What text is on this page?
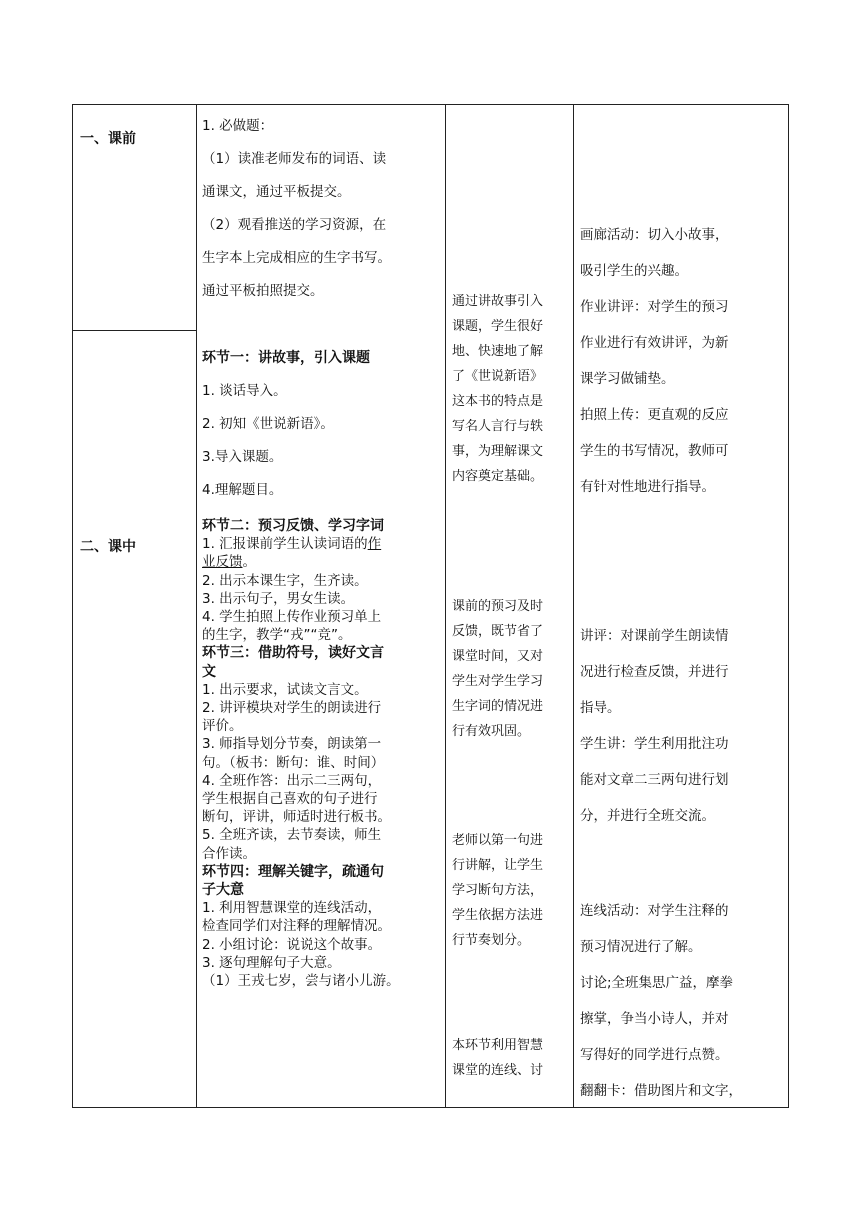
一、课前
二、课中

1. 必做题：

（1）读准老师发布的词语、读

通课文，通过平板提交。

（2）观看推送的学习资源，在

生字本上完成相应的生字书写。

通过平板拍照提交。

环节一：讲故事，引入课题

1. 谈话导入。

2. 初知《世说新语》。

3.导入课题。

4.理解题目。

环节二：预习反馈、学习字词

1. 汇报课前学生认读词语的作

业反馈。

2. 出示本课生字，生齐读。

3. 出示句子，男女生读。

4. 学生拍照上传作业预习单上

的生字，教学“戎”“竞”。

环节三：借助符号，读好文言

文

1. 出示要求，试读文言文。

2. 讲评模块对学生的朗读进行

评价。

3. 师指导划分节奏，朗读第一

句。（板书：断句：谁、时间）

4. 全班作答：出示二三两句，

学生根据自己喜欢的句子进行

断句，评讲，师适时进行板书。

5. 全班齐读，去节奏读，师生

合作读。

环节四：理解关键字，疏通句

子大意

1. 利用智慧课堂的连线活动，

检查同学们对注释的理解情况。

2. 小组讨论：说说这个故事。

3. 逐句理解句子大意。

（1）王戎七岁，尝与诸小儿游。

通过讲故事引入

课题，学生很好

地、快速地了解

了《世说新语》

这本书的特点是

写名人言行与轶

事，为理解课文

内容奠定基础。

课前的预习及时

反馈，既节省了

课堂时间，又对

学生对学生学习

生字词的情况进

行有效巩固。

老师以第一句进

行讲解，让学生

学习断句方法，

学生依据方法进

行节奏划分。

本环节利用智慧

课堂的连线、讨

画廊活动：切入小故事，

吸引学生的兴趣。

作业讲评：对学生的预习

作业进行有效讲评，为新

课学习做铺垫。

拍照上传：更直观的反应

学生的书写情况，教师可

有针对性地进行指导。

讲评：对课前学生朗读情

况进行检查反馈，并进行

指导。

学生讲：学生利用批注功

能对文章二三两句进行划

分，并进行全班交流。

连线活动：对学生注释的

预习情况进行了解。

讨论;全班集思广益，摩拳

擦掌，争当小诗人，并对

写得好的同学进行点赞。

翻翻卡：借助图片和文字，
